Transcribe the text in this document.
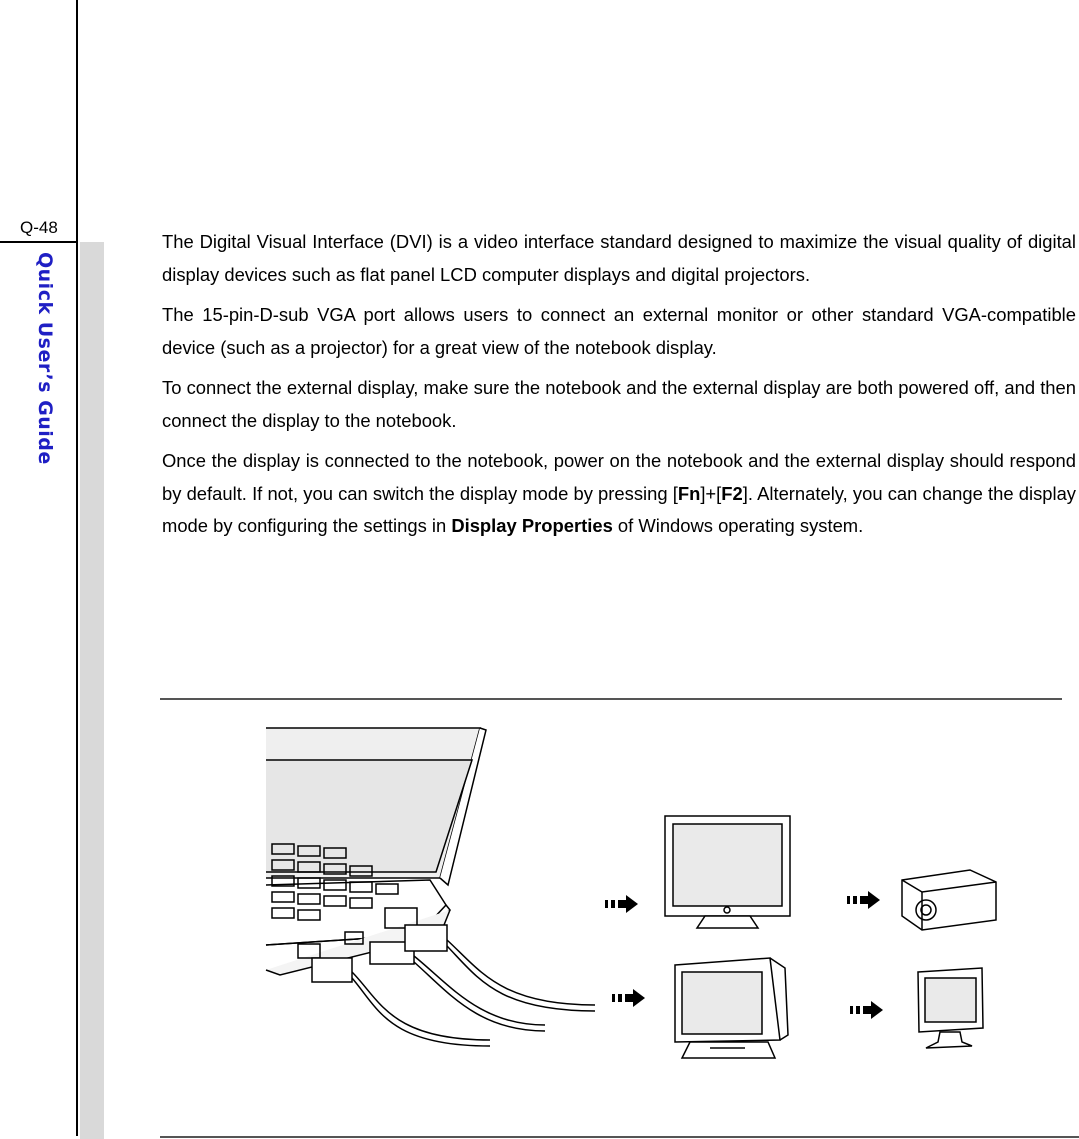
Q-48
Quick User’s Guide

The Digital Visual Interface (DVI) is a video interface standard designed to maximize the visual quality of digital display devices such as flat panel LCD computer displays and digital projectors.

The 15-pin-D-sub VGA port allows users to connect an external monitor or other standard VGA-compatible device (such as a projector) for a great view of the notebook display.

To connect the external display, make sure the notebook and the external display are both powered off, and then connect the display to the notebook.

Once the display is connected to the notebook, power on the notebook and the external display should respond by default. If not, you can switch the display mode by pressing [Fn]+[F2]. Alternately, you can change the display mode by configuring the settings in Display Properties of Windows operating system.
